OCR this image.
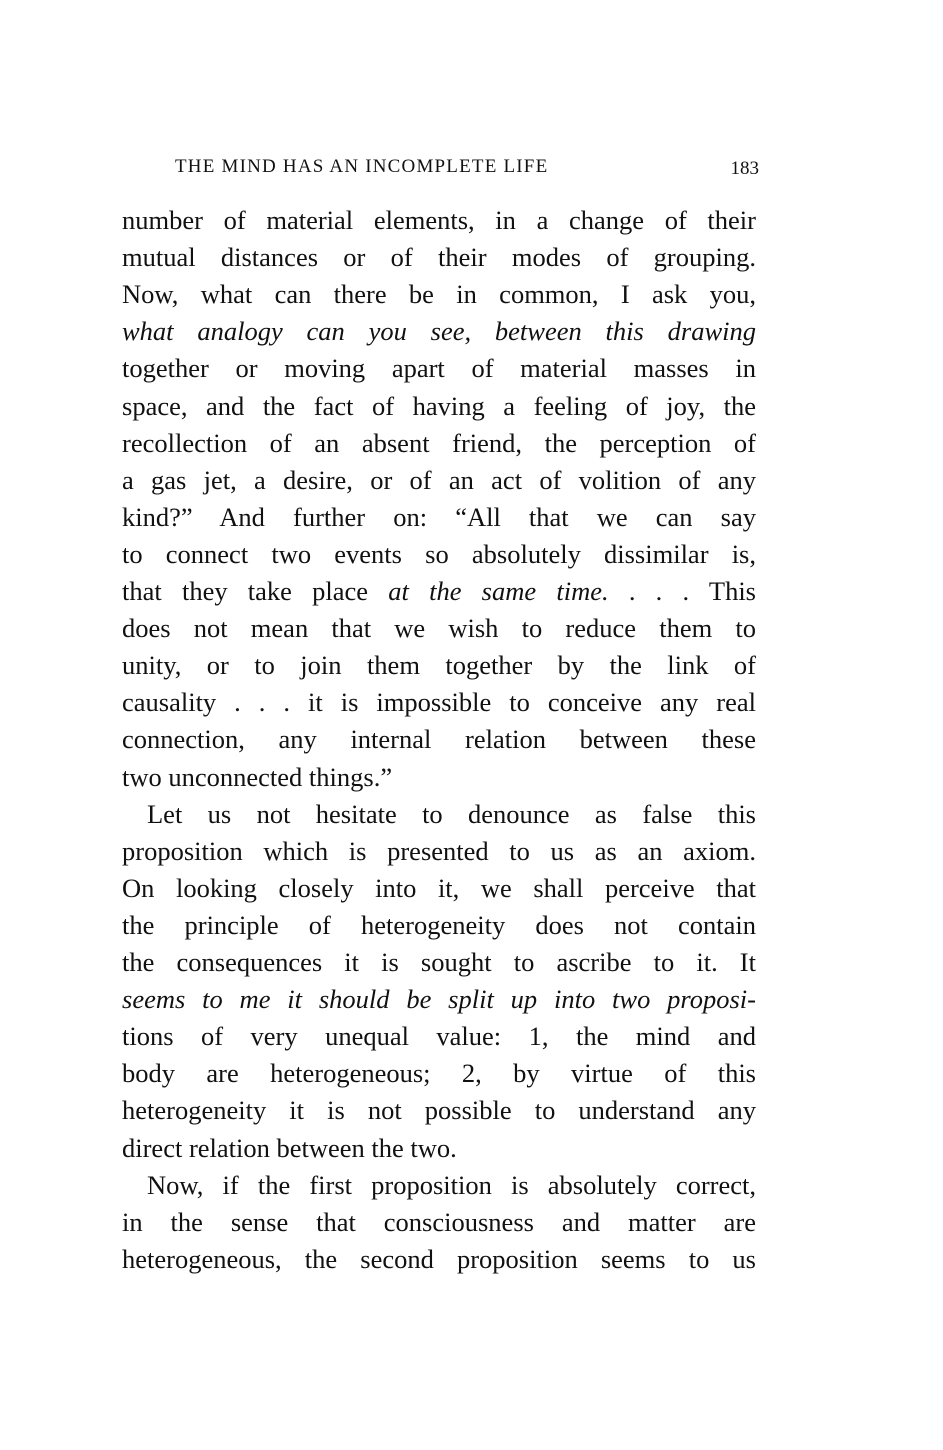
THE MIND HAS AN INCOMPLETE LIFE	183
number of material elements, in a change of their
mutual distances or of their modes of grouping.
Now, what can there be in common, I ask you,
what analogy can you see, between this drawing
together or moving apart of material masses in
space, and the fact of having a feeling of joy, the
recollection of an absent friend, the perception of
a gas jet, a desire, or of an act of volition of any
kind?” And further on: “All that we can say
to connect two events so absolutely dissimilar is,
that they take place at the same time. . . . This
does not mean that we wish to reduce them to
unity, or to join them together by the link of
causality . . . it is impossible to conceive any real
connection, any internal relation between these
two unconnected things.”
Let us not hesitate to denounce as false this
proposition which is presented to us as an axiom.
On looking closely into it, we shall perceive that
the principle of heterogeneity does not contain
the consequences it is sought to ascribe to it. It
seems to me it should be split up into two proposi-
tions of very unequal value: 1, the mind and
body are heterogeneous; 2, by virtue of this
heterogeneity it is not possible to understand any
direct relation between the two.
Now, if the first proposition is absolutely correct,
in the sense that consciousness and matter are
heterogeneous, the second proposition seems to us
